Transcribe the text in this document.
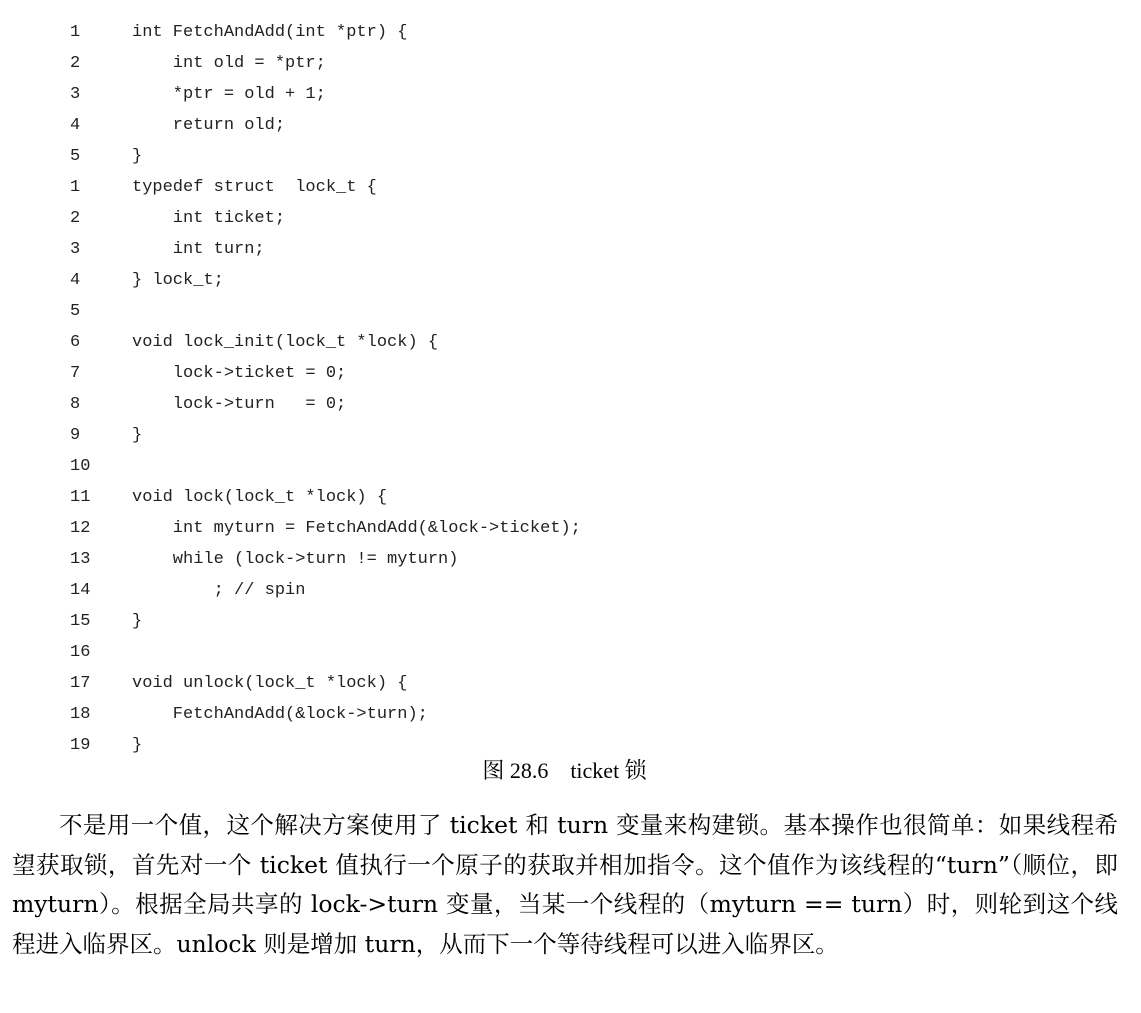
1	int FetchAndAdd(int *ptr) {
2	int old = *ptr;
3	*ptr = old + 1;
4	return old;
5	}
1	typedef struct  lock_t {
2	int ticket;
3	int turn;
4	} lock_t;
5
6	void lock_init(lock_t *lock) {
7	lock->ticket = 0;
8	lock->turn   = 0;
9	}
10
11	void lock(lock_t *lock) {
12	int myturn = FetchAndAdd(&lock->ticket);
13	while (lock->turn != myturn)
14	; // spin
15	}
16
17	void unlock(lock_t *lock) {
18	FetchAndAdd(&lock->turn);
19	}
图 28.6　ticket 锁

不是用一个值，这个解决方案使用了 ticket 和 turn 变量来构建锁。基本操作也很简单：如果线程希望获取锁，首先对一个 ticket 值执行一个原子的获取并相加指令。这个值作为该线程的“turn”（顺位，即 myturn）。根据全局共享的 lock->turn 变量，当某一个线程的（myturn == turn）时，则轮到这个线程进入临界区。unlock 则是增加 turn，从而下一个等待线程可以进入临界区。
